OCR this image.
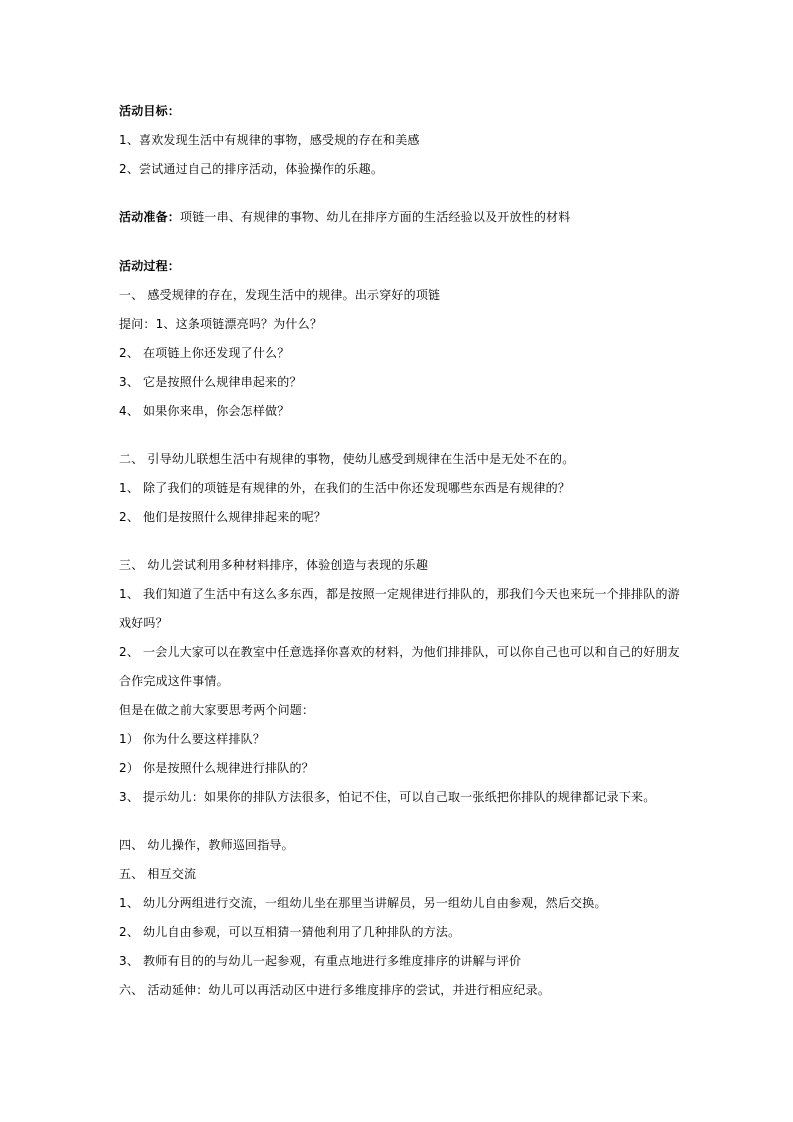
活动目标：
1、喜欢发现生活中有规律的事物，感受规的存在和美感
2、尝试通过自己的排序活动，体验操作的乐趣。
活动准备：项链一串、有规律的事物、幼儿在排序方面的生活经验以及开放性的材料
活动过程：
一、 感受规律的存在，发现生活中的规律。出示穿好的项链
提问：1、这条项链漂亮吗？为什么？
2、 在项链上你还发现了什么？
3、 它是按照什么规律串起来的？
4、 如果你来串，你会怎样做？
二、 引导幼儿联想生活中有规律的事物，使幼儿感受到规律在生活中是无处不在的。
1、 除了我们的项链是有规律的外，在我们的生活中你还发现哪些东西是有规律的？
2、 他们是按照什么规律排起来的呢？
三、 幼儿尝试利用多种材料排序，体验创造与表现的乐趣
1、 我们知道了生活中有这么多东西，都是按照一定规律进行排队的，那我们今天也来玩一个排排队的游
戏好吗？
2、 一会儿大家可以在教室中任意选择你喜欢的材料，为他们排排队，可以你自己也可以和自己的好朋友
合作完成这件事情。
但是在做之前大家要思考两个问题：
1） 你为什么要这样排队？
2） 你是按照什么规律进行排队的？
3、 提示幼儿：如果你的排队方法很多，怕记不住，可以自己取一张纸把你排队的规律都记录下来。
四、 幼儿操作，教师巡回指导。
五、 相互交流
1、 幼儿分两组进行交流，一组幼儿坐在那里当讲解员，另一组幼儿自由参观，然后交换。
2、 幼儿自由参观，可以互相猜一猜他利用了几种排队的方法。
3、 教师有目的的与幼儿一起参观，有重点地进行多维度排序的讲解与评价
六、 活动延伸：幼儿可以再活动区中进行多维度排序的尝试，并进行相应纪录。
